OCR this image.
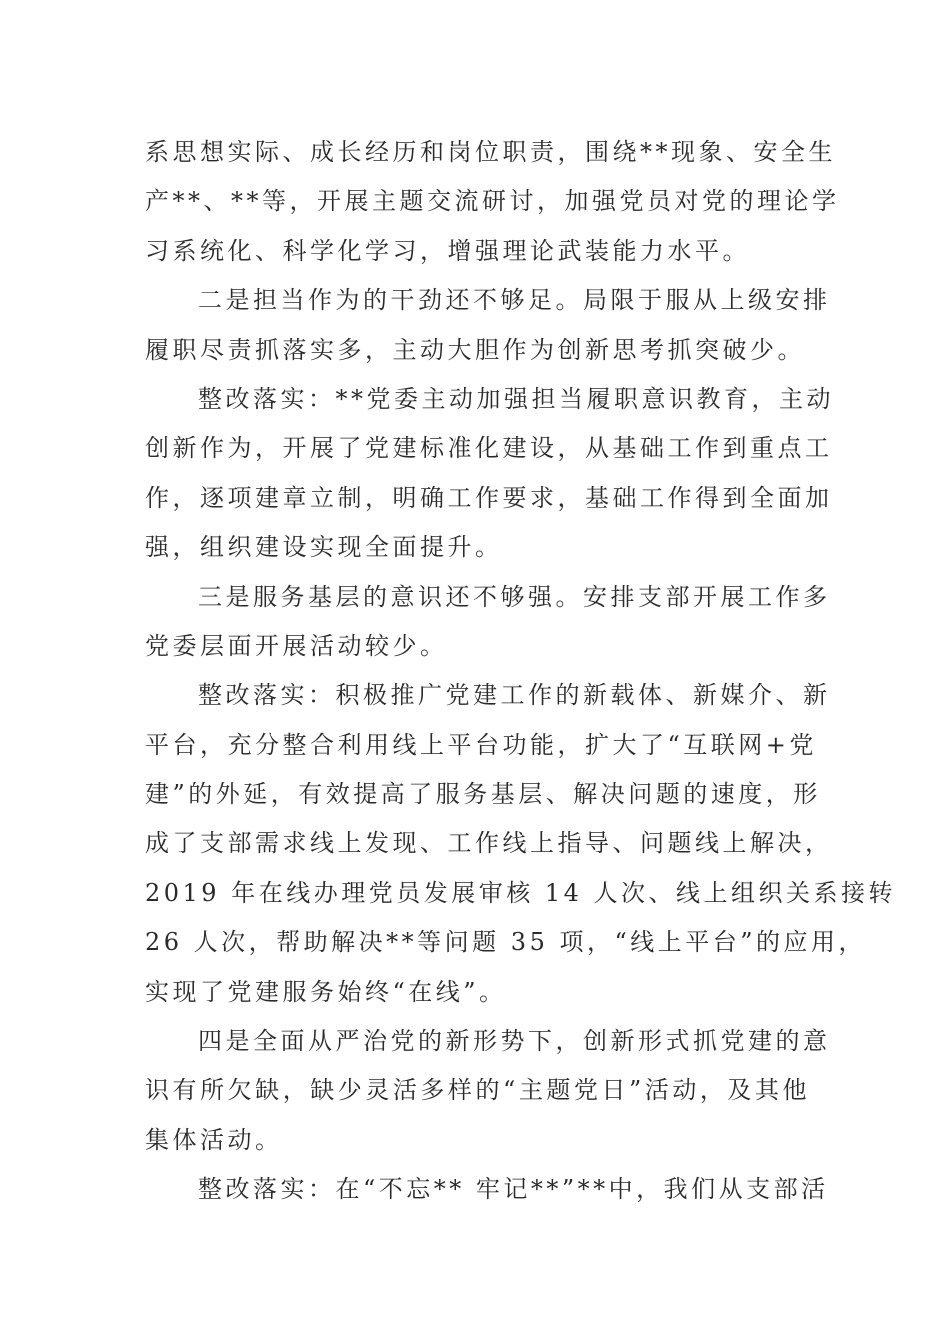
系思想实际、成长经历和岗位职责，围绕**现象、安全生
产**、**等，开展主题交流研讨，加强党员对党的理论学
习系统化、科学化学习，增强理论武装能力水平。
二是担当作为的干劲还不够足。局限于服从上级安排
履职尽责抓落实多，主动大胆作为创新思考抓突破少。
整改落实：**党委主动加强担当履职意识教育，主动
创新作为，开展了党建标准化建设，从基础工作到重点工
作，逐项建章立制，明确工作要求，基础工作得到全面加
强，组织建设实现全面提升。
三是服务基层的意识还不够强。安排支部开展工作多
党委层面开展活动较少。
整改落实：积极推广党建工作的新载体、新媒介、新
平台，充分整合利用线上平台功能，扩大了“互联网+党
建”的外延，有效提高了服务基层、解决问题的速度，形
成了支部需求线上发现、工作线上指导、问题线上解决，
2019 年在线办理党员发展审核 14 人次、线上组织关系接转
26 人次，帮助解决**等问题 35 项，“线上平台”的应用，
实现了党建服务始终“在线”。
四是全面从严治党的新形势下，创新形式抓党建的意
识有所欠缺，缺少灵活多样的“主题党日”活动，及其他
集体活动。
整改落实：在“不忘** 牢记**”**中，我们从支部活
